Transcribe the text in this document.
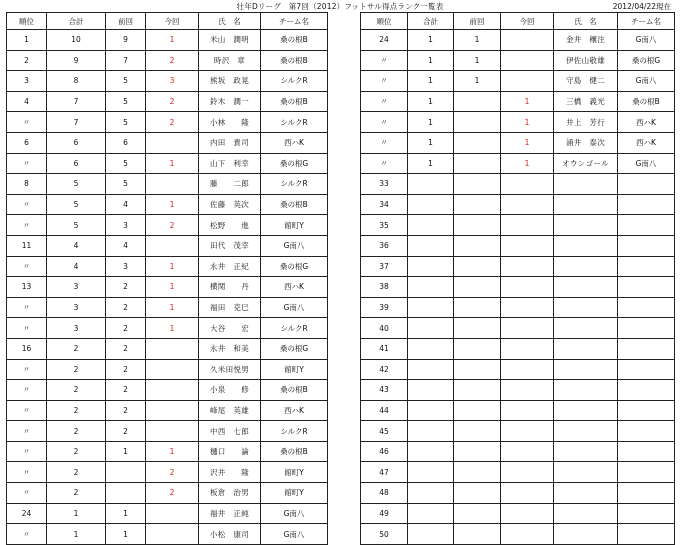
壮年Dリーグ　第7回（2012）フットサル得点ランク一覧表	2012/04/22現在
順位	合計	前回	今回	氏　名	チーム名
1	10	9	1	米山　潤明	桑の根B
2	9	7	2	時沢　章	桑の根B
3	8	5	3	熊坂　政晃	シルクR
4	7	5	2	鈴木　潤一	桑の根B
〃	7	5	2	小林　　隆	シルクR
6	6	6		内田　貴司	西ハK
〃	6	5	1	山下　利幸	桑の根G
8	5	5		藤　　二郎	シルクR
〃	5	4	1	佐藤　英次	桑の根B
〃	5	3	2	松野　　進	館町Y
11	4	4		田代　茂幸	G南八
〃	4	3	1	永井　正紀	桑の根G
13	3	2	1	横関　　丹	西ハK
〃	3	2	1	福田　克巳	G南八
〃	3	2	1	大谷　　宏	シルクR
16	2	2		永井　和美	桑の根G
〃	2	2		久米田悦男	館町Y
〃	2	2		小泉　　修	桑の根B
〃	2	2		峰尾　英雄	西ハK
〃	2	2		中西　七郎	シルクR
〃	2	1	1	樋口　　論	桑の根B
〃	2		2	沢井　　隆	館町Y
〃	2		2	板倉　治男	館町Y
24	1	1		福井　正純	G南八
〃	1	1		小松　康司	G南八
順位	合計	前回	今回	氏　名	チーム名
24	1	1		金井　穰注	G南八
〃	1	1		伊佐山敬雄	桑の根G
〃	1	1		守島　健二	G南八
〃	1		1	三橋　義光	桑の根B
〃	1		1	井上　芳行	西ハK
〃	1		1	涌井　泰次	西ハK
〃	1		1	オウンゴール	G南八
33					
34					
35					
36					
37					
38					
39					
40					
41					
42					
43					
44					
45					
46					
47					
48					
49					
50					
